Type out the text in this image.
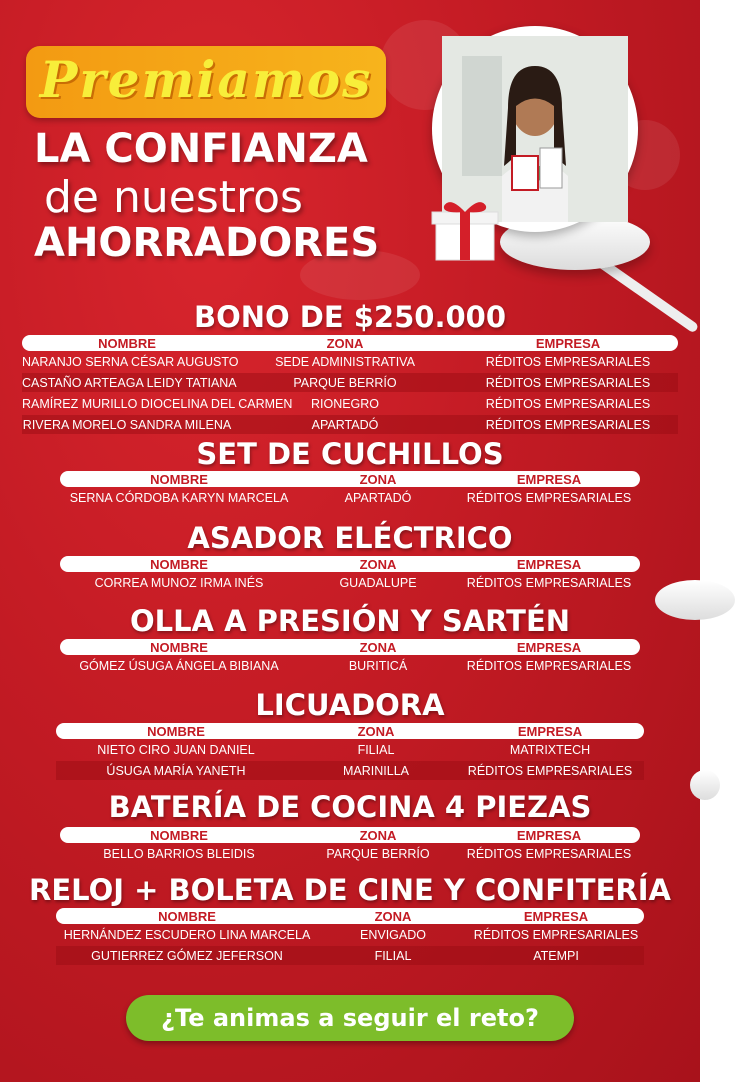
Premiamos
LA CONFIANZA
de nuestros
AHORRADORES
BONO DE $250.000
NOMBRE	ZONA	EMPRESA
NARANJO SERNA CÉSAR AUGUSTO	SEDE ADMINISTRATIVA	RÉDITOS EMPRESARIALES
CASTAÑO ARTEAGA LEIDY TATIANA	PARQUE BERRÍO	RÉDITOS EMPRESARIALES
RAMÍREZ MURILLO DIOCELINA DEL CARMEN	RIONEGRO	RÉDITOS EMPRESARIALES
RIVERA MORELO SANDRA MILENA	APARTADÓ	RÉDITOS EMPRESARIALES
SET DE CUCHILLOS
NOMBRE	ZONA	EMPRESA
SERNA CÓRDOBA KARYN MARCELA	APARTADÓ	RÉDITOS EMPRESARIALES
ASADOR ELÉCTRICO
NOMBRE	ZONA	EMPRESA
CORREA MUNOZ IRMA INÉS	GUADALUPE	RÉDITOS EMPRESARIALES
OLLA A PRESIÓN Y SARTÉN
NOMBRE	ZONA	EMPRESA
GÓMEZ ÚSUGA ÁNGELA BIBIANA	BURITICÁ	RÉDITOS EMPRESARIALES
LICUADORA
NOMBRE	ZONA	EMPRESA
NIETO CIRO JUAN DANIEL	FILIAL	MATRIXTECH
ÚSUGA MARÍA YANETH	MARINILLA	RÉDITOS EMPRESARIALES
BATERÍA DE COCINA 4 PIEZAS
NOMBRE	ZONA	EMPRESA
BELLO BARRIOS BLEIDIS	PARQUE BERRÍO	RÉDITOS EMPRESARIALES
RELOJ + BOLETA DE CINE Y CONFITERÍA
NOMBRE	ZONA	EMPRESA
HERNÁNDEZ ESCUDERO LINA MARCELA	ENVIGADO	RÉDITOS EMPRESARIALES
GUTIERREZ GÓMEZ JEFERSON	FILIAL	ATEMPI
¿Te animas a seguir el reto?
